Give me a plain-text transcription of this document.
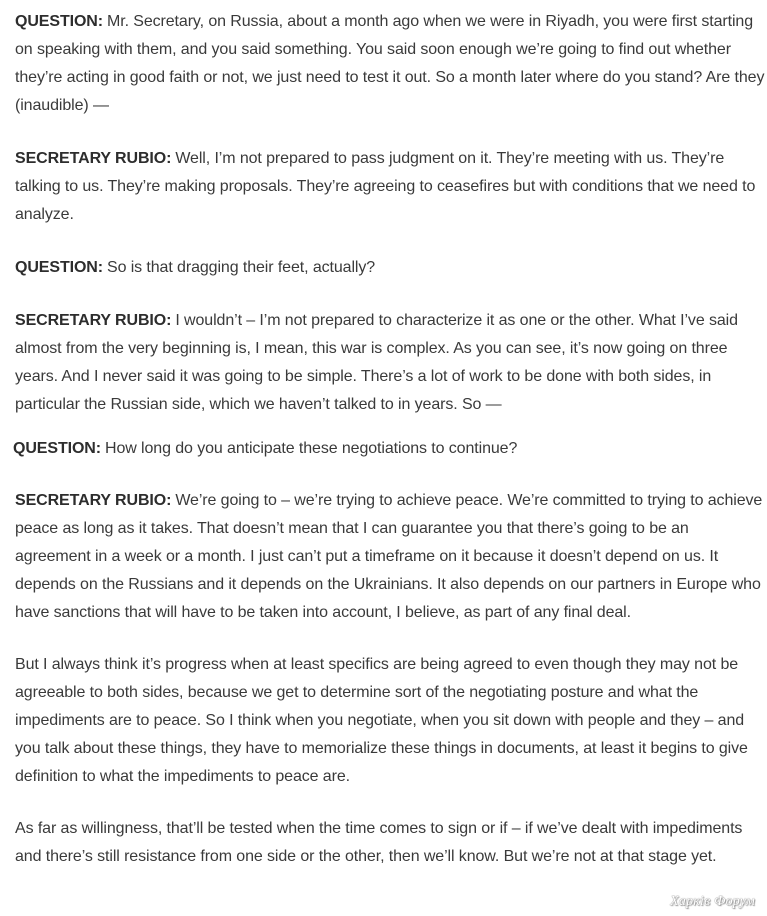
QUESTION: Mr. Secretary, on Russia, about a month ago when we were in Riyadh, you were first starting on speaking with them, and you said something. You said soon enough we’re going to find out whether they’re acting in good faith or not, we just need to test it out. So a month later where do you stand? Are they (inaudible) —

SECRETARY RUBIO: Well, I’m not prepared to pass judgment on it. They’re meeting with us. They’re talking to us. They’re making proposals. They’re agreeing to ceasefires but with conditions that we need to analyze.

QUESTION: So is that dragging their feet, actually?

SECRETARY RUBIO: I wouldn’t – I’m not prepared to characterize it as one or the other. What I’ve said almost from the very beginning is, I mean, this war is complex. As you can see, it’s now going on three years. And I never said it was going to be simple. There’s a lot of work to be done with both sides, in particular the Russian side, which we haven’t talked to in years. So —

QUESTION: How long do you anticipate these negotiations to continue?

SECRETARY RUBIO: We’re going to – we’re trying to achieve peace. We’re committed to trying to achieve peace as long as it takes. That doesn’t mean that I can guarantee you that there’s going to be an agreement in a week or a month. I just can’t put a timeframe on it because it doesn’t depend on us. It depends on the Russians and it depends on the Ukrainians. It also depends on our partners in Europe who have sanctions that will have to be taken into account, I believe, as part of any final deal.

But I always think it’s progress when at least specifics are being agreed to even though they may not be agreeable to both sides, because we get to determine sort of the negotiating posture and what the impediments are to peace. So I think when you negotiate, when you sit down with people and they – and you talk about these things, they have to memorialize these things in documents, at least it begins to give definition to what the impediments to peace are.

As far as willingness, that’ll be tested when the time comes to sign or if – if we’ve dealt with impediments and there’s still resistance from one side or the other, then we’ll know. But we’re not at that stage yet.

Харків Форум
